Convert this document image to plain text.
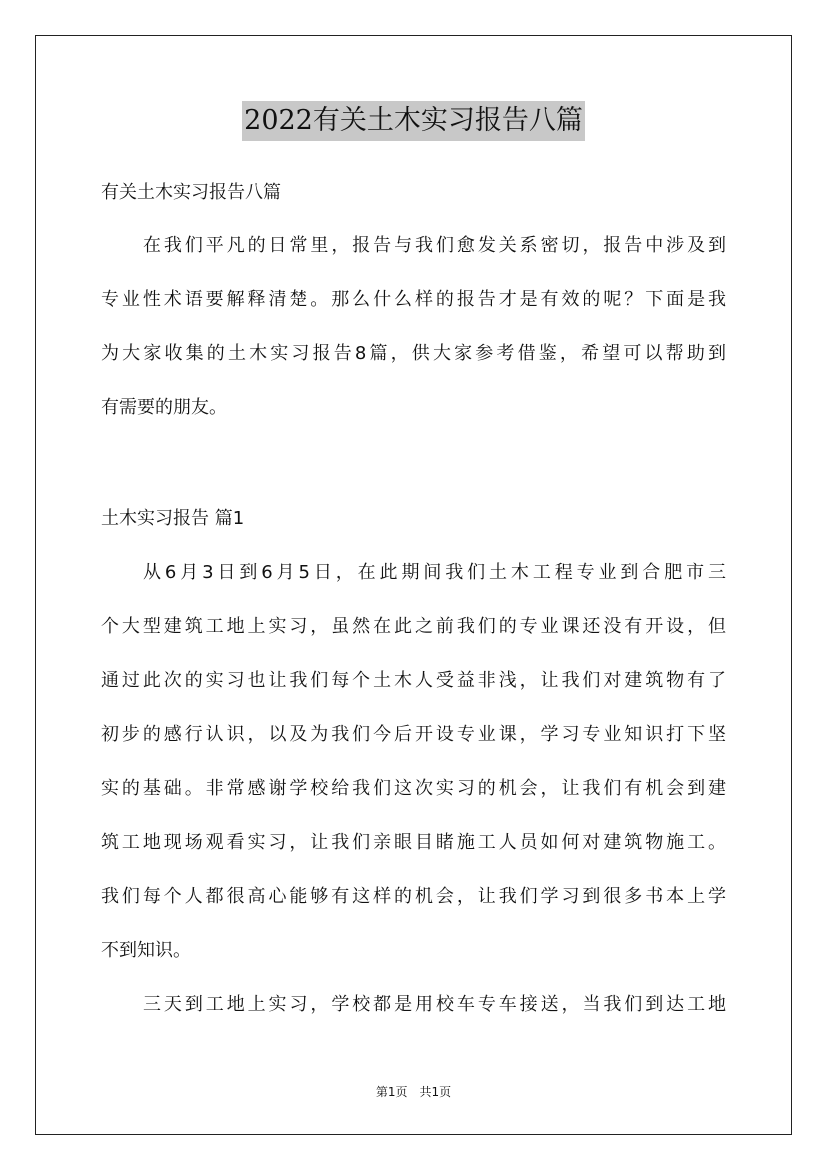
2022有关土木实习报告八篇
有关土木实习报告八篇
在我们平凡的日常里，报告与我们愈发关系密切，报告中涉及到
专业性术语要解释清楚。那么什么样的报告才是有效的呢？下面是我
为大家收集的土木实习报告8篇，供大家参考借鉴，希望可以帮助到
有需要的朋友。
土木实习报告 篇1
从6月3日到6月5日，在此期间我们土木工程专业到合肥市三
个大型建筑工地上实习，虽然在此之前我们的专业课还没有开设，但
通过此次的实习也让我们每个土木人受益非浅，让我们对建筑物有了
初步的感行认识，以及为我们今后开设专业课，学习专业知识打下坚
实的基础。非常感谢学校给我们这次实习的机会，让我们有机会到建
筑工地现场观看实习，让我们亲眼目睹施工人员如何对建筑物施工。
我们每个人都很高心能够有这样的机会，让我们学习到很多书本上学
不到知识。
三天到工地上实习，学校都是用校车专车接送，当我们到达工地
第1页　共1页
